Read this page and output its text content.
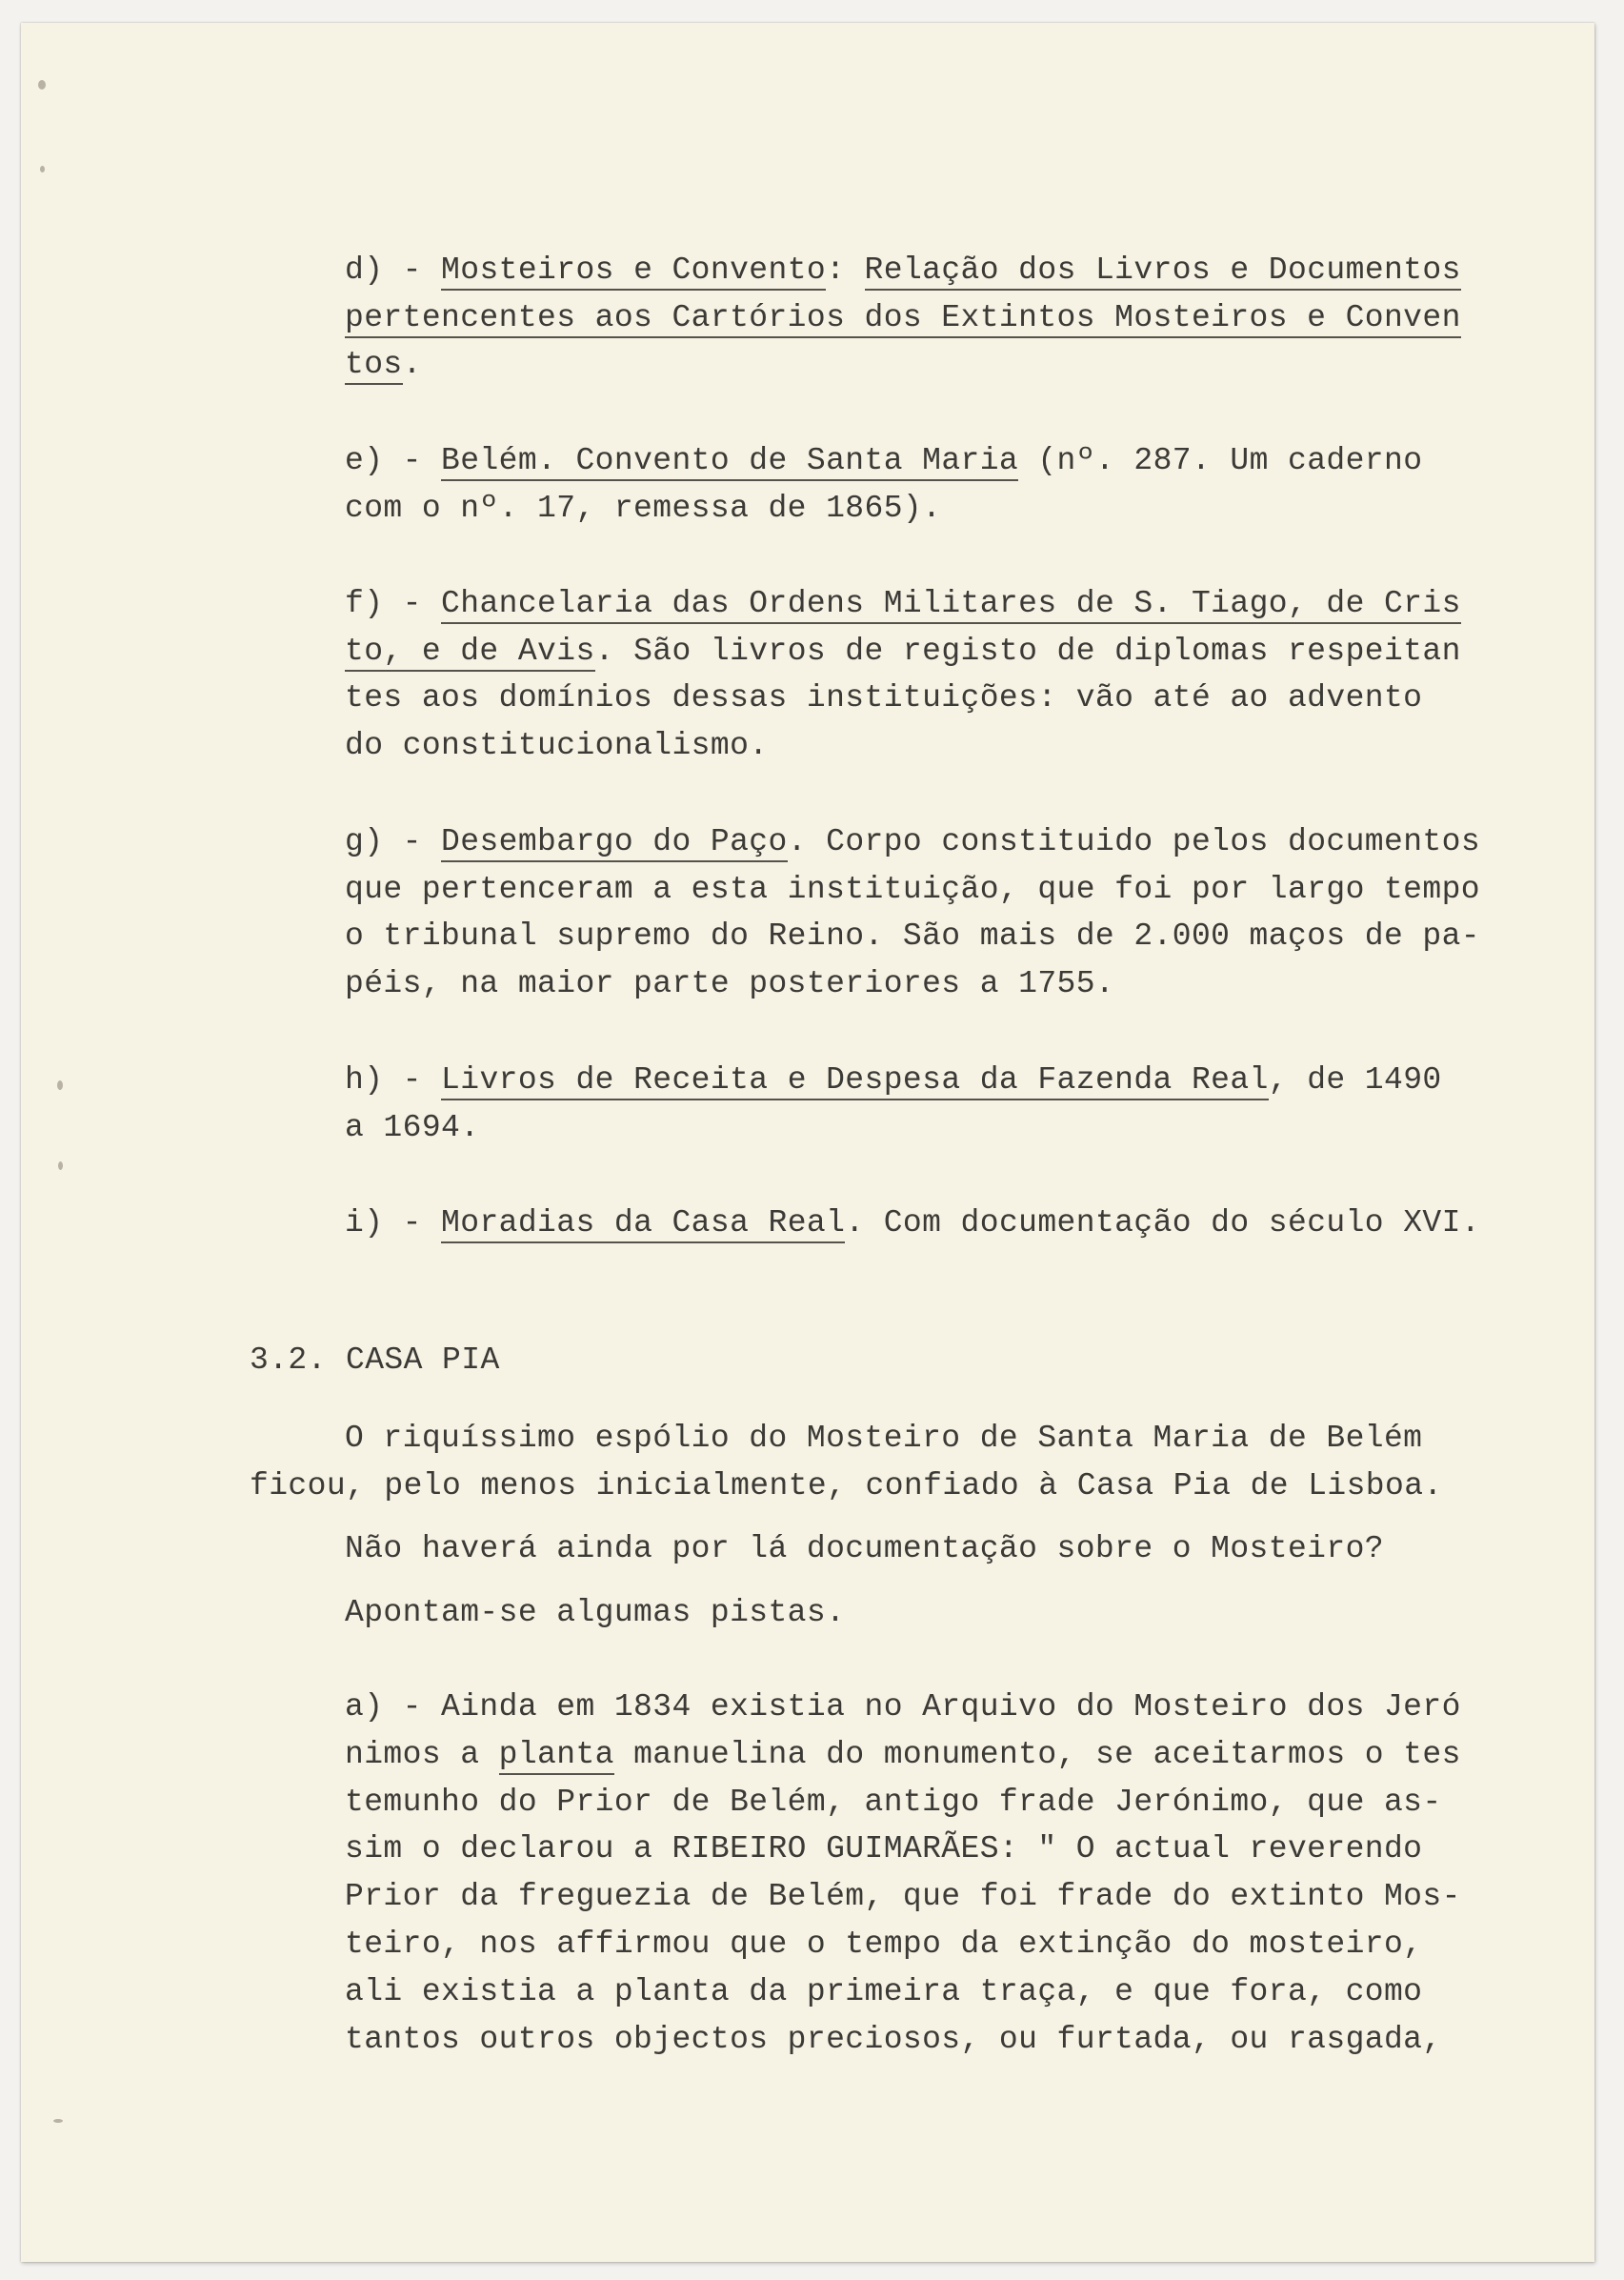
d) - Mosteiros e Convento: Relação dos Livros e Documentos
pertencentes aos Cartórios dos Extintos Mosteiros e Conven
tos.
e) - Belém. Convento de Santa Maria (nº. 287. Um caderno
com o nº. 17, remessa de 1865).
f) - Chancelaria das Ordens Militares de S. Tiago, de Cris
to, e de Avis. São livros de registo de diplomas respeitan
tes aos domínios dessas instituições: vão até ao advento
do constitucionalismo.
g) - Desembargo do Paço. Corpo constituido pelos documentos
que pertenceram a esta instituição, que foi por largo tempo
o tribunal supremo do Reino. São mais de 2.000 maços de pa-
péis, na maior parte posteriores a 1755.
h) - Livros de Receita e Despesa da Fazenda Real, de 1490
a 1694.
i) - Moradias da Casa Real. Com documentação do século XVI.
3.2. CASA PIA
O riquíssimo espólio do Mosteiro de Santa Maria de Belém
ficou, pelo menos inicialmente, confiado à Casa Pia de Lisboa.
Não haverá ainda por lá documentação sobre o Mosteiro?
Apontam-se algumas pistas.
a) - Ainda em 1834 existia no Arquivo do Mosteiro dos Jeró
nimos a planta manuelina do monumento, se aceitarmos o tes
temunho do Prior de Belém, antigo frade Jerónimo, que as-
sim o declarou a RIBEIRO GUIMARÃES: " O actual reverendo
Prior da freguezia de Belém, que foi frade do extinto Mos-
teiro, nos affirmou que o tempo da extinção do mosteiro,
ali existia a planta da primeira traça, e que fora, como
tantos outros objectos preciosos, ou furtada, ou rasgada,
